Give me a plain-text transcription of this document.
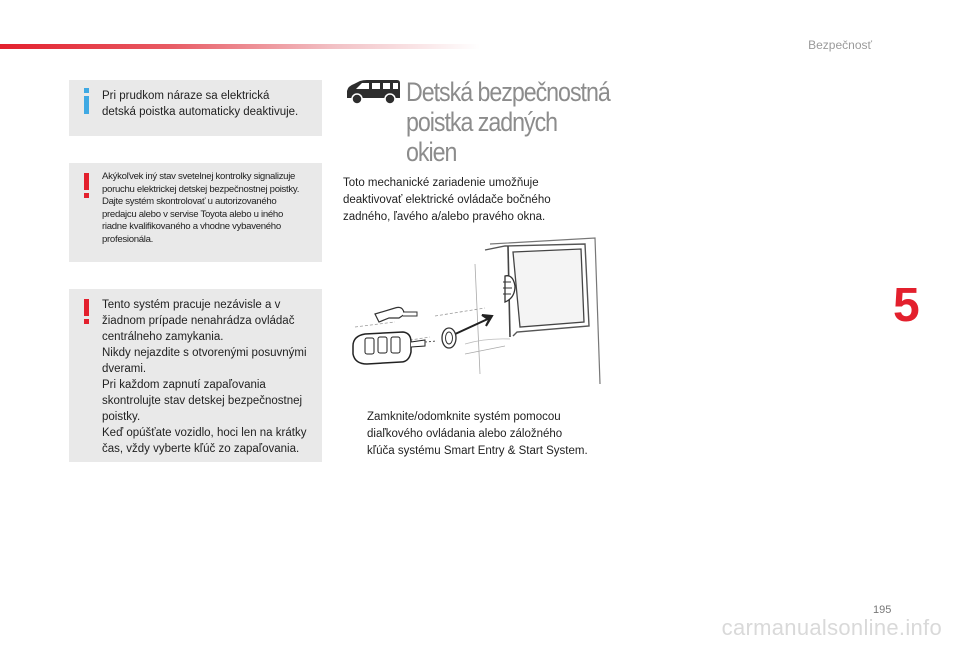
Bezpečnosť
Pri prudkom náraze sa elektrická
detská poistka automaticky deaktivuje.
Akýkoľvek iný stav svetelnej kontrolky signalizuje
poruchu elektrickej detskej bezpečnostnej poistky.
Dajte systém skontrolovať u autorizovaného
predajcu alebo v servise Toyota alebo u iného
riadne kvalifikovaného a vhodne vybaveného
profesionála.
Tento systém pracuje nezávisle a v
žiadnom prípade nenahrádza ovládač
centrálneho zamykania.
Nikdy nejazdite s otvorenými posuvnými
dverami.
Pri každom zapnutí zapaľovania
skontrolujte stav detskej bezpečnostnej
poistky.
Keď opúšťate vozidlo, hoci len na krátky
čas, vždy vyberte kľúč zo zapaľovania.
Detská bezpečnostná
poistka zadných
okien
Toto mechanické zariadenie umožňuje
deaktivovať elektrické ovládače bočného
zadného, ľavého a/alebo pravého okna.
Zamknite/odomknite systém pomocou
diaľkového ovládania alebo záložného
kľúča systému Smart Entry & Start System.
5
195
carmanualsonline.info
